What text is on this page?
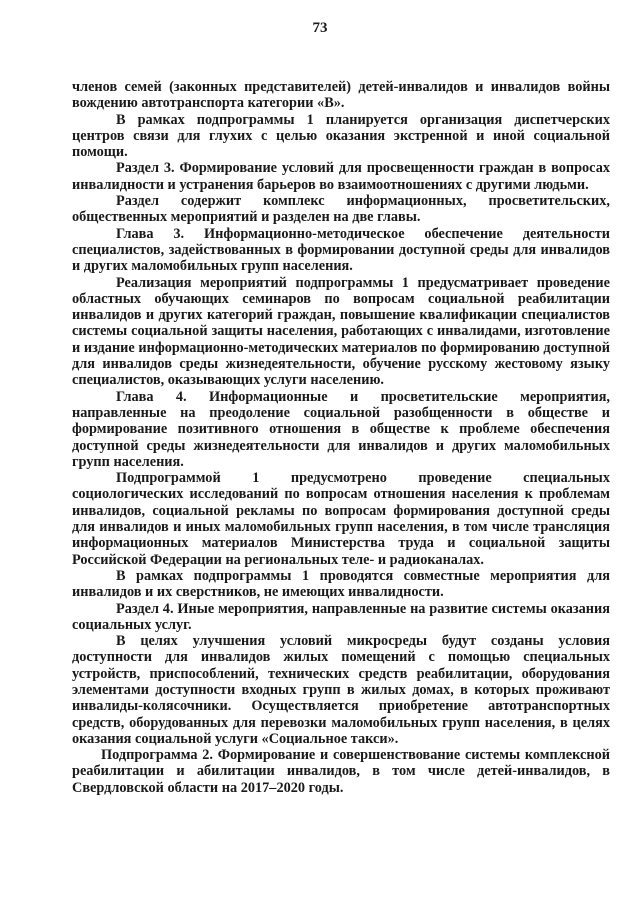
73

членов семей (законных представителей) детей-инвалидов и инвалидов войны вождению автотранспорта категории «В».

В рамках подпрограммы 1 планируется организация диспетчерских центров связи для глухих с целью оказания экстренной и иной социальной помощи.

Раздел 3. Формирование условий для просвещенности граждан в вопросах инвалидности и устранения барьеров во взаимоотношениях с другими людьми.

Раздел содержит комплекс информационных, просветительских, общественных мероприятий и разделен на две главы.

Глава 3. Информационно-методическое обеспечение деятельности специалистов, задействованных в формировании доступной среды для инвалидов и других маломобильных групп населения.

Реализация мероприятий подпрограммы 1 предусматривает проведение областных обучающих семинаров по вопросам социальной реабилитации инвалидов и других категорий граждан, повышение квалификации специалистов системы социальной защиты населения, работающих с инвалидами, изготовление и издание информационно-методических материалов по формированию доступной для инвалидов среды жизнедеятельности, обучение русскому жестовому языку специалистов, оказывающих услуги населению.

Глава 4. Информационные и просветительские мероприятия, направленные на преодоление социальной разобщенности в обществе и формирование позитивного отношения в обществе к проблеме обеспечения доступной среды жизнедеятельности для инвалидов и других маломобильных групп населения.

Подпрограммой 1 предусмотрено проведение специальных социологических исследований по вопросам отношения населения к проблемам инвалидов, социальной рекламы по вопросам формирования доступной среды для инвалидов и иных маломобильных групп населения, в том числе трансляция информационных материалов Министерства труда и социальной защиты Российской Федерации на региональных теле- и радиоканалах.

В рамках подпрограммы 1 проводятся совместные мероприятия для инвалидов и их сверстников, не имеющих инвалидности.

Раздел 4. Иные мероприятия, направленные на развитие системы оказания социальных услуг.

В целях улучшения условий микросреды будут созданы условия доступности для инвалидов жилых помещений с помощью специальных устройств, приспособлений, технических средств реабилитации, оборудования элементами доступности входных групп в жилых домах, в которых проживают инвалиды-колясочники. Осуществляется приобретение автотранспортных средств, оборудованных для перевозки маломобильных групп населения, в целях оказания социальной услуги «Социальное такси».

Подпрограмма 2. Формирование и совершенствование системы комплексной реабилитации и абилитации инвалидов, в том числе детей-инвалидов, в Свердловской области на 2017–2020 годы.
